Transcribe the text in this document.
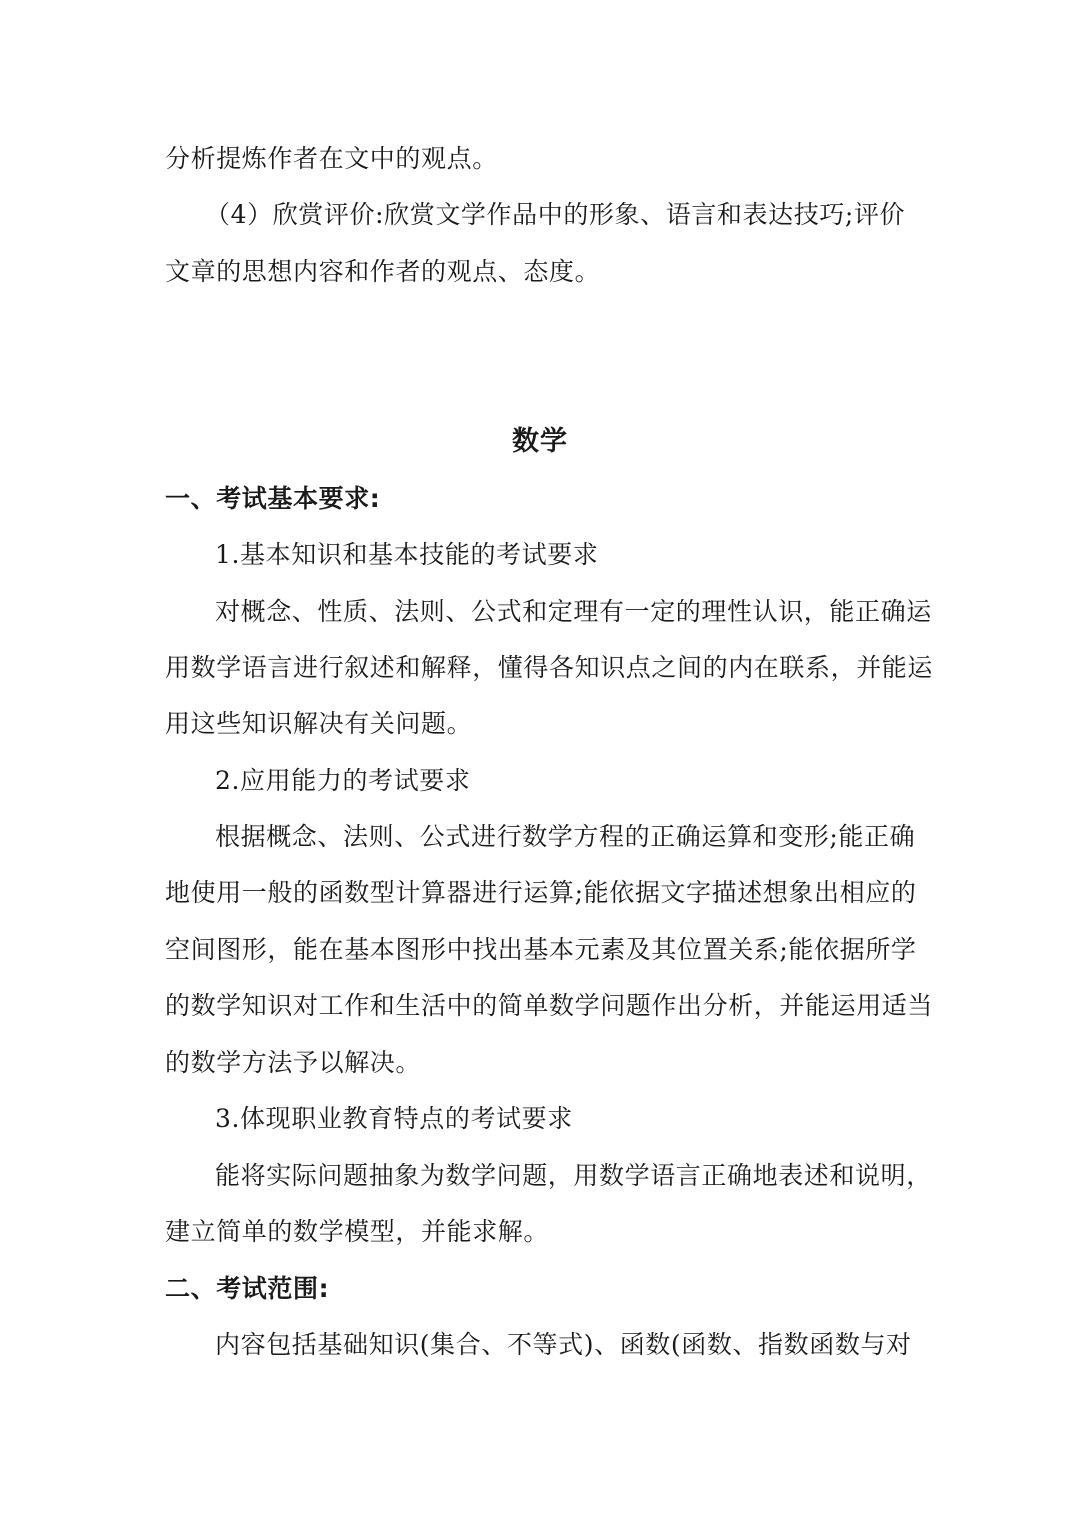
分析提炼作者在文中的观点。
（4）欣赏评价:欣赏文学作品中的形象、语言和表达技巧;评价
文章的思想内容和作者的观点、态度。
数学
一、考试基本要求:
1.基本知识和基本技能的考试要求
对概念、性质、法则、公式和定理有一定的理性认识，能正确运
用数学语言进行叙述和解释，懂得各知识点之间的内在联系，并能运
用这些知识解决有关问题。
2.应用能力的考试要求
根据概念、法则、公式进行数学方程的正确运算和变形;能正确
地使用一般的函数型计算器进行运算;能依据文字描述想象出相应的
空间图形，能在基本图形中找出基本元素及其位置关系;能依据所学
的数学知识对工作和生活中的简单数学问题作出分析，并能运用适当
的数学方法予以解决。
3.体现职业教育特点的考试要求
能将实际问题抽象为数学问题，用数学语言正确地表述和说明，
建立简单的数学模型，并能求解。
二、考试范围:
内容包括基础知识(集合、不等式)、函数(函数、指数函数与对
